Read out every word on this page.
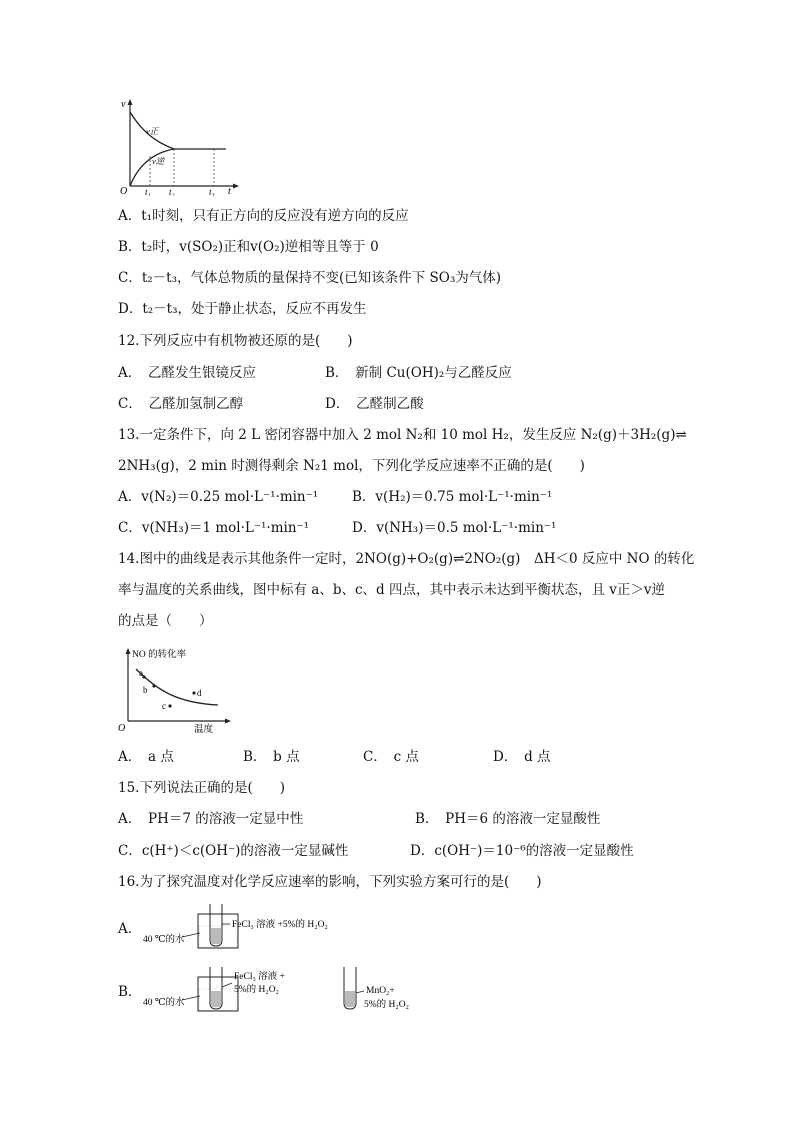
v
O	t
t₁ t₂	t₃
v正
v逆
A．t₁时刻，只有正方向的反应没有逆方向的反应
B．t₂时，v(SO₂)正和v(O₂)逆相等且等于 0
C．t₂－t₃，气体总物质的量保持不变(已知该条件下 SO₃为气体)
D．t₂－t₃，处于静止状态，反应不再发生
12.下列反应中有机物被还原的是(　　)
A．　乙醛发生银镜反应	B．　新制 Cu(OH)₂与乙醛反应
C．　乙醛加氢制乙醇	D．　乙醛制乙酸
13.一定条件下，向 2 L 密闭容器中加入 2 mol N₂和 10 mol H₂，发生反应 N₂(g)＋3H₂(g)⇌
2NH₃(g)，2 min 时测得剩余 N₂1 mol，下列化学反应速率不正确的是(　　)
A．v(N₂)＝0.25 mol·L⁻¹·min⁻¹	B．v(H₂)＝0.75 mol·L⁻¹·min⁻¹
C．v(NH₃)＝1 mol·L⁻¹·min⁻¹	D．v(NH₃)＝0.5 mol·L⁻¹·min⁻¹
14.图中的曲线是表示其他条件一定时，2NO(g)+O₂(g)⇌2NO₂(g)　ΔH＜0 反应中 NO 的转化
率与温度的关系曲线，图中标有 a、b、c、d 四点，其中表示未达到平衡状态，且 v正＞v逆
的点是（　　）
NO 的转化率
a
b
c
d
O	温度
A．　a 点	B．　b 点	C．　c 点	D．　d 点
15.下列说法正确的是(　　)
A．　PH＝7 的溶液一定显中性	B．　PH＝6 的溶液一定显酸性
C．c(H⁺)＜c(OH⁻)的溶液一定显碱性	D．c(OH⁻)＝10⁻⁶的溶液一定显酸性
16.为了探究温度对化学反应速率的影响，下列实验方案可行的是(　　)
A．
40 ℃的水
FeCl₃ 溶液 +5%的 H₂O₂
B．
40 ℃的水
FeCl₃ 溶液 +
5%的 H₂O₂	MnO₂+
5%的 H₂O₂
